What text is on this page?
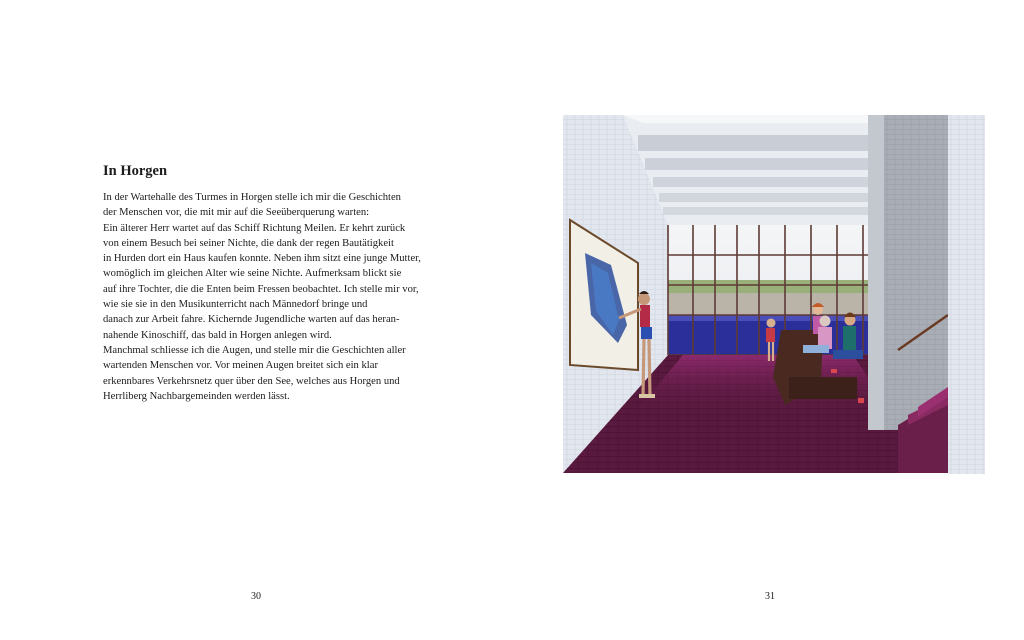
In Horgen
In der Wartehalle des Turmes in Horgen stelle ich mir die Geschichten
der Menschen vor, die mit mir auf die Seeüberquerung warten:
Ein älterer Herr wartet auf das Schiff Richtung Meilen. Er kehrt zurück
von einem Besuch bei seiner Nichte, die dank der regen Bautätigkeit
in Hurden dort ein Haus kaufen konnte. Neben ihm sitzt eine junge Mutter,
womöglich im gleichen Alter wie seine Nichte. Aufmerksam blickt sie
auf ihre Tochter, die die Enten beim Fressen beobachtet. Ich stelle mir vor,
wie sie sie in den Musikunterricht nach Männedorf bringe und
danach zur Arbeit fahre. Kichernde Jugendliche warten auf das heran-
nahende Kinoschiff, das bald in Horgen anlegen wird.
Manchmal schliesse ich die Augen, und stelle mir die Geschichten aller
wartenden Menschen vor. Vor meinen Augen breitet sich ein klar
erkennbares Verkehrsnetz quer über den See, welches aus Horgen und
Herrliberg Nachbargemeinden werden lässt.
30	31
